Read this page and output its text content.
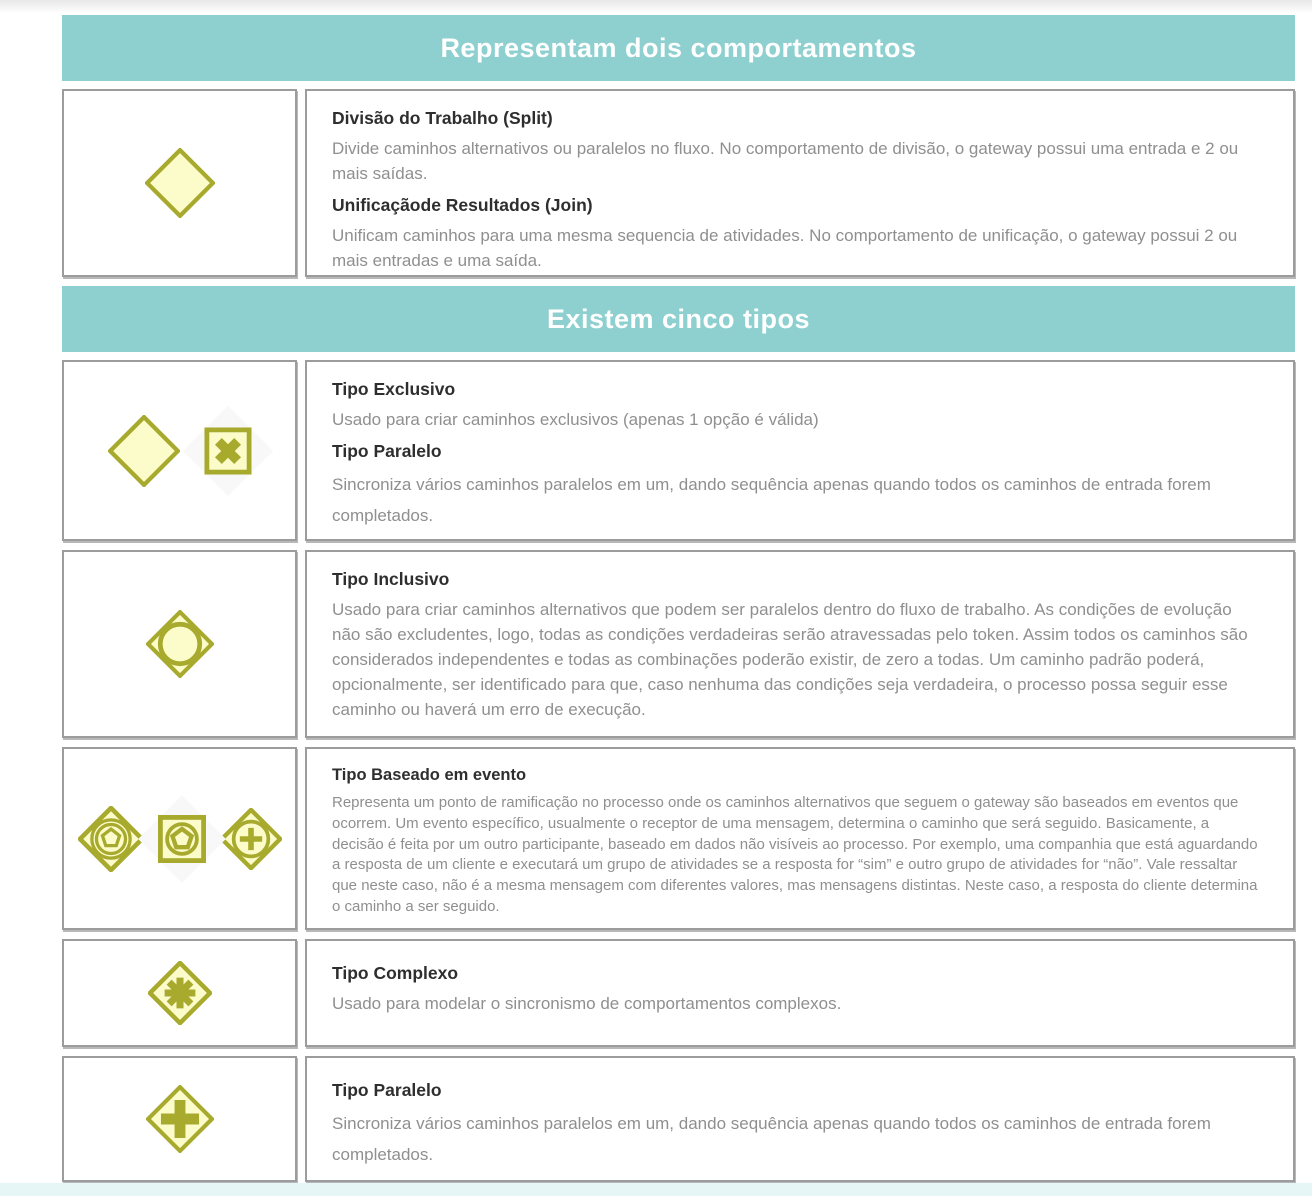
Representam dois comportamentos
Divisão do Trabalho (Split)

Divide caminhos alternativos ou paralelos no fluxo. No comportamento de divisão, o gateway possui uma entrada e 2 ou mais saídas.

Unificaçãode Resultados (Join)

Unificam caminhos para uma mesma sequencia de atividades. No comportamento de unificação, o gateway possui 2 ou mais entradas e uma saída.

Existem cinco tipos
Tipo Exclusivo

Usado para criar caminhos exclusivos (apenas 1 opção é válida)

Tipo Paralelo

Sincroniza vários caminhos paralelos em um, dando sequência apenas quando todos os caminhos de entrada forem completados.

Tipo Inclusivo

Usado para criar caminhos alternativos que podem ser paralelos dentro do fluxo de trabalho. As condições de evolução não são excludentes, logo, todas as condições verdadeiras serão atravessadas pelo token. Assim todos os caminhos são considerados independentes e todas as combinações poderão existir, de zero a todas. Um caminho padrão poderá, opcionalmente, ser identificado para que, caso nenhuma das condições seja verdadeira, o processo possa seguir esse caminho ou haverá um erro de execução.

Tipo Baseado em evento

Representa um ponto de ramificação no processo onde os caminhos alternativos que seguem o gateway são baseados em eventos que ocorrem. Um evento específico, usualmente o receptor de uma mensagem, determina o caminho que será seguido. Basicamente, a decisão é feita por um outro participante, baseado em dados não visíveis ao processo. Por exemplo, uma companhia que está aguardando a resposta de um cliente e executará um grupo de atividades se a resposta for “sim” e outro grupo de atividades for “não”. Vale ressaltar que neste caso, não é a mesma mensagem com diferentes valores, mas mensagens distintas. Neste caso, a resposta do cliente determina o caminho a ser seguido.

Tipo Complexo

Usado para modelar o sincronismo de comportamentos complexos.

Tipo Paralelo

Sincroniza vários caminhos paralelos em um, dando sequência apenas quando todos os caminhos de entrada forem completados.
